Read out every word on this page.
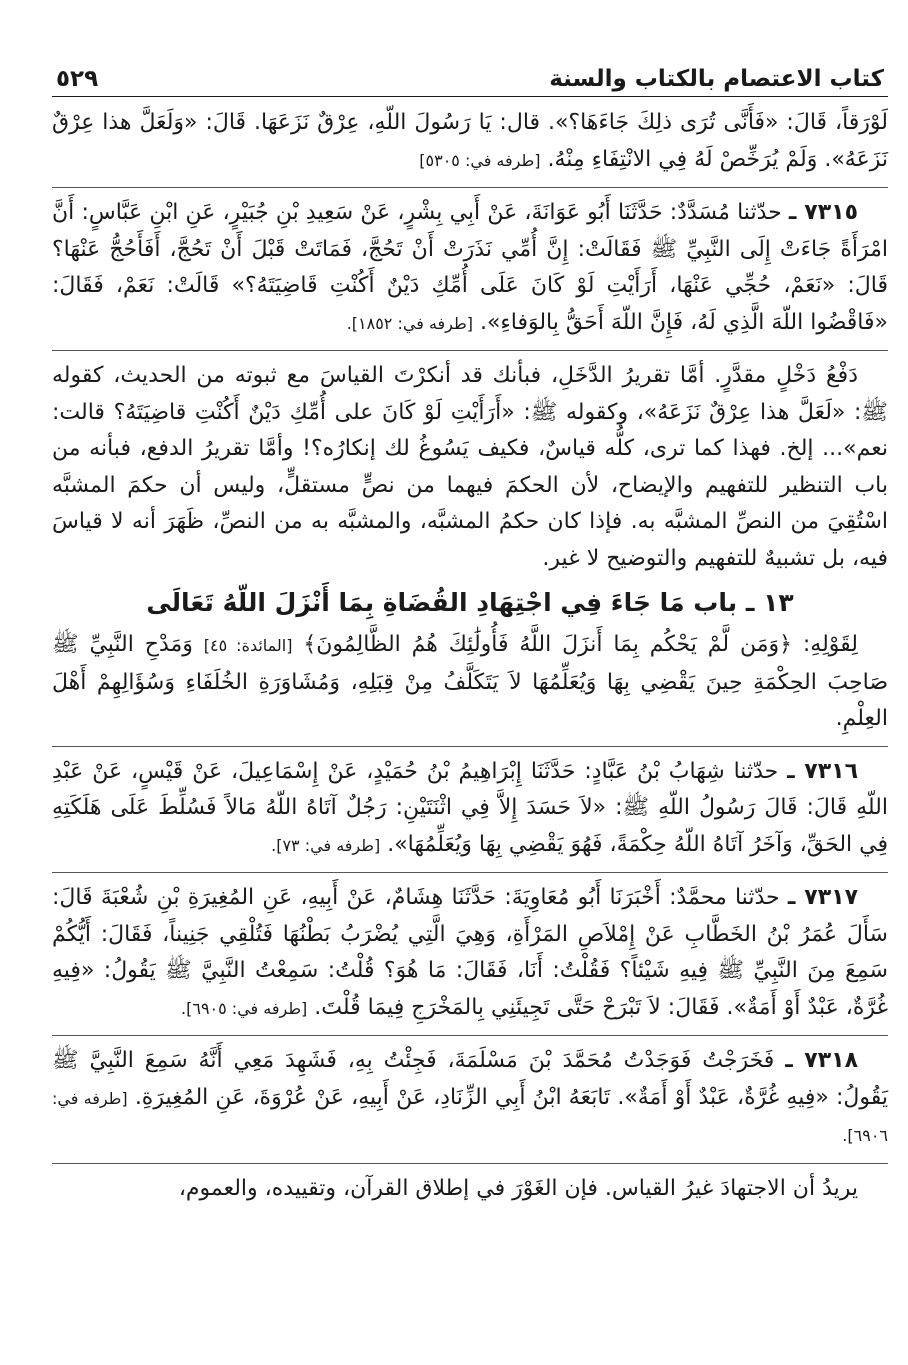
كتاب الاعتصام بالكتاب والسنة
٥٢٩

لَوْرَقاً، قَالَ: «فَأَنَّى تُرَى ذلِكَ جَاءَهَا؟». قال: يَا رَسُولَ اللّهِ، عِرْقٌ نَزَعَهَا. قَالَ: «وَلَعَلَّ هذا عِرْقٌ نَزَعَهُ». وَلَمْ يُرَخِّصْ لَهُ فِي الانْتِفَاءِ مِنْهُ. [طرفه في: ٥٣٠٥]

٧٣١٥ ـ حدّثنا مُسَدَّدٌ: حَدَّثَنَا أَبُو عَوَانَةَ، عَنْ أَبِي بِشْرٍ، عَنْ سَعِيدِ بْنِ جُبَيْرٍ، عَنِ ابْنِ عَبَّاسٍ: أَنَّ امْرَأَةً جَاءَتْ إِلَى النَّبِيِّ ﷺ فَقَالَتْ: إِنَّ أُمِّي نَذَرَتْ أَنْ تَحُجَّ، فَمَاتَتْ قَبْلَ أَنْ تَحُجَّ، أَفَأَحُجُّ عَنْهَا؟ قَالَ: «نَعَمْ، حُجِّي عَنْهَا، أَرَأَيْتِ لَوْ كَانَ عَلَى أُمِّكِ دَيْنٌ أَكُنْتِ قَاضِيَتَهُ؟» قَالَتْ: نَعَمْ، فَقَالَ: «فَاقْضُوا اللّهَ الَّذِي لَهُ، فَإِنَّ اللّهَ أَحَقُّ بِالوَفاءِ». [طرفه في: ١٨٥٢].

دَفْعُ دَخْلٍ مقدَّرٍ. أمَّا تقريرُ الدَّخَلِ، فبأنك قد أنكرْتَ القياسَ مع ثبوته من الحديث، كقوله ﷺ: «لَعَلَّ هذا عِرْقٌ نَزَعَهُ»، وكقوله ﷺ: «أَرَأَيْتِ لَوْ كَانَ على أُمِّكِ دَيْنٌ أَكُنْتِ قاضِيَتَهُ؟ قالت: نعم»... إلخ. فهذا كما ترى، كلُّه قياسٌ، فكيف يَسُوغُ لك إنكارُه؟! وأمَّا تقريرُ الدفع، فبأنه من باب التنظير للتفهيم والإيضاح، لأن الحكمَ فيهما من نصٍّ مستقلٍّ، وليس أن حكمَ المشبَّه اسْتُقِيَ من النصِّ المشبَّه به. فإذا كان حكمُ المشبَّه، والمشبَّه به من النصِّ، ظَهَرَ أنه لا قياسَ فيه، بل تشبيهٌ للتفهيم والتوضيح لا غير.

١٣ ـ باب مَا جَاءَ فِي اجْتِهَادِ القُضَاةِ بِمَا أَنْزَلَ اللّهُ تَعَالَى

لِقَوْلِهِ: ﴿وَمَن لَّمْ يَحْكُم بِمَا أَنزَلَ اللَّهُ فَأُولَٰئِكَ هُمُ الظَّالِمُونَ﴾ [المائدة: ٤٥] وَمَدْحِ النَّبِيِّ ﷺ صَاحِبَ الحِكْمَةِ حِينَ يَقْضِي بِهَا وَيُعَلِّمُهَا لاَ يَتَكَلَّفُ مِنْ قِبَلِهِ، وَمُشَاوَرَةِ الخُلَفَاءِ وَسُؤَالِهِمْ أَهْلَ العِلْمِ.

٧٣١٦ ـ حدّثنا شِهَابُ بْنُ عَبَّادٍ: حَدَّثَنَا إِبْرَاهِيمُ بْنُ حُمَيْدٍ، عَنْ إِسْمَاعِيلَ، عَنْ قَيْسٍ، عَنْ عَبْدِ اللّهِ قَالَ: قَالَ رَسُولُ اللّهِ ﷺ: «لاَ حَسَدَ إِلاَّ فِي اثْنَتَيْنِ: رَجُلٌ آتَاهُ اللّهُ مَالاً فَسُلِّطَ عَلَى هَلَكَتِهِ فِي الحَقِّ، وَآخَرُ آتَاهُ اللّهُ حِكْمَةً، فَهُوَ يَقْضِي بِهَا وَيُعَلِّمُهَا». [طرفه في: ٧٣].

٧٣١٧ ـ حدّثنا محمَّدٌ: أَخْبَرَنَا أَبُو مُعَاوِيَةَ: حَدَّثَنَا هِشَامٌ، عَنْ أَبِيهِ، عَنِ المُغِيرَةِ بْنِ شُعْبَةَ قَالَ: سَأَلَ عُمَرُ بْنُ الخَطَّابِ عَنْ إِمْلاَصِ المَرْأَةِ، وَهِيَ الَّتِي يُضْرَبُ بَطْنُهَا فَتُلْقِي جَنِيناً، فَقَالَ: أَيُّكُمْ سَمِعَ مِنَ النَّبِيِّ ﷺ فِيهِ شَيْئاً؟ فَقُلْتُ: أَنَا، فَقَالَ: مَا هُوَ؟ قُلْتُ: سَمِعْتُ النَّبِيَّ ﷺ يَقُولُ: «فِيهِ غُرَّةٌ، عَبْدٌ أَوْ أَمَةٌ». فَقَالَ: لاَ تَبْرَحْ حَتَّى تَجِيئَنِي بِالمَخْرَجِ فِيمَا قُلْتَ. [طرفه في: ٦٩٠٥].

٧٣١٨ ـ فَخَرَجْتُ فَوَجَدْتُ مُحَمَّدَ بْنَ مَسْلَمَةَ، فَجِئْتُ بِهِ، فَشَهِدَ مَعِي أَنَّهُ سَمِعَ النَّبِيَّ ﷺ يَقُولُ: «فِيهِ غُرَّةٌ، عَبْدٌ أَوْ أَمَةٌ». تَابَعَهُ ابْنُ أَبِي الزِّنَادِ، عَنْ أَبِيهِ، عَنْ عُرْوَةَ، عَنِ المُغِيرَةِ. [طرفه في: ٦٩٠٦].

يريدُ أن الاجتهادَ غيرُ القياس. فإن الغَوْرَ في إطلاق القرآن، وتقييده، والعموم،
